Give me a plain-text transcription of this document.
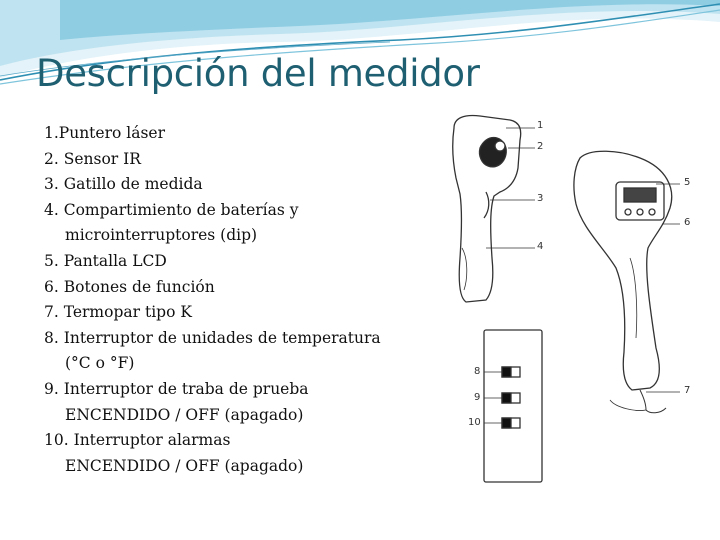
Descripción del medidor
1.Puntero láser
2. Sensor IR
3. Gatillo de medida
4. Compartimiento de baterías y
microinterruptores (dip)
5. Pantalla LCD
6. Botones de función
7. Termopar tipo K
8. Interruptor de unidades de temperatura
(°C o °F)
9. Interruptor de traba de prueba
ENCENDIDO / OFF (apagado)
10. Interruptor alarmas
ENCENDIDO / OFF (apagado)
1
2
3
4
5
6
7
8
9
10
